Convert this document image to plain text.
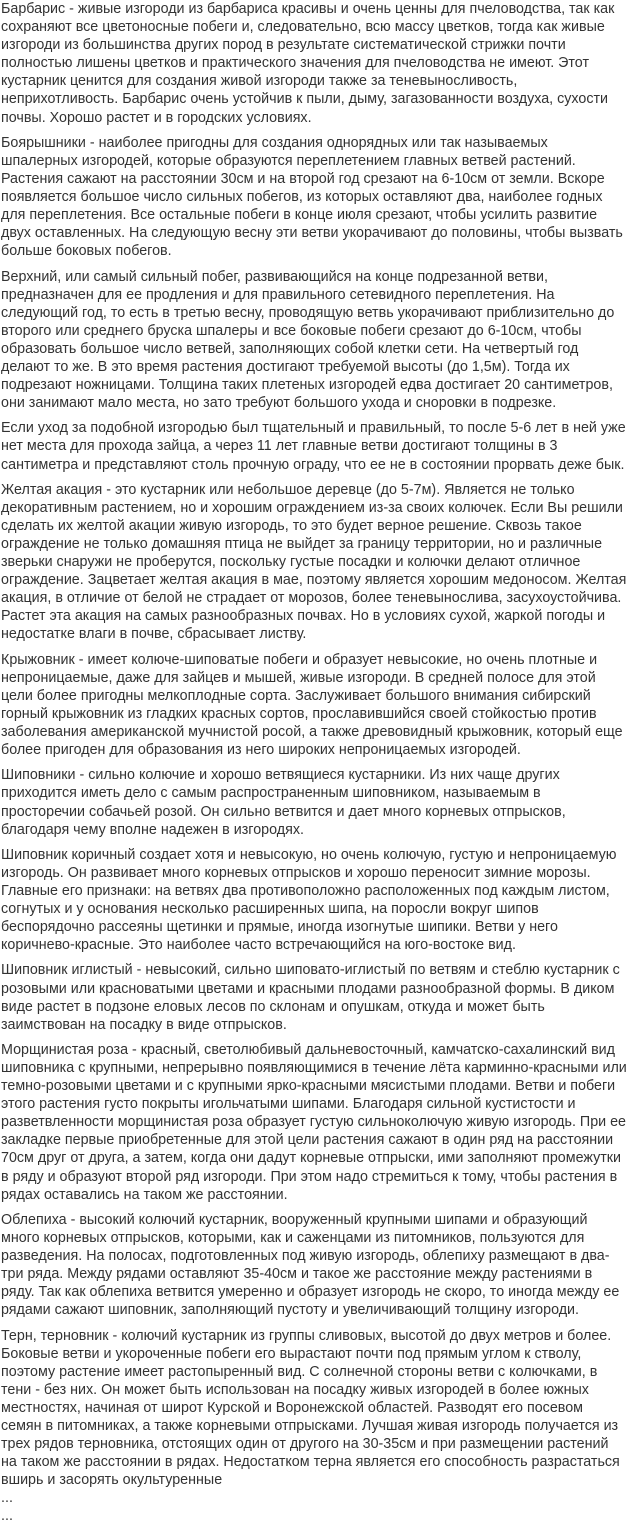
Барбарис - живые изгороди из барбариса красивы и очень ценны для пчеловодства, так как сохраняют все цветоносные побеги и, следовательно, всю массу цветков, тогда как живые изгороди из большинства других пород в результате систематической стрижки почти полностью лишены цветков и практического значения для пчеловодства не имеют. Этот кустарник ценится для создания живой изгороди также за теневыносливость, неприхотливость. Барбарис очень устойчив к пыли, дыму, загазованности воздуха, сухости почвы. Хорошо растет и в городских условиях.

Боярышники - наиболее пригодны для создания однорядных или так называемых шпалерных изгородей, которые образуются переплетением главных ветвей растений. Растения сажают на расстоянии 30см и на второй год срезают на 6-10см от земли. Вскоре появляется большое число сильных побегов, из которых оставляют два, наиболее годных для переплетения. Все остальные побеги в конце июля срезают, чтобы усилить развитие двух оставленных. На следующую весну эти ветви укорачивают до половины, чтобы вызвать больше боковых побегов.

Верхний, или самый сильный побег, развивающийся на конце подрезанной ветви, предназначен для ее продления и для правильного сетевидного переплетения. На следующий год, то есть в третью весну, проводящую ветвь укорачивают приблизительно до второго или среднего бруска шпалеры и все боковые побеги срезают до 6-10см, чтобы образовать большое число ветвей, заполняющих собой клетки сети. На четвертый год делают то же. В это время растения достигают требуемой высоты (до 1,5м). Тогда их подрезают ножницами. Толщина таких плетеных изгородей едва достигает 20 сантиметров, они занимают мало места, но зато требуют большого ухода и сноровки в подрезке.

Если уход за подобной изгородью был тщательный и правильный, то после 5-6 лет в ней уже нет места для прохода зайца, а через 11 лет главные ветви достигают толщины в 3 сантиметра и представляют столь прочную ограду, что ее не в состоянии прорвать деже бык.

Желтая акация - это кустарник или небольшое деревце (до 5-7м). Является не только декоративным растением, но и хорошим ограждением из-за своих колючек. Если Вы решили сделать их желтой акации живую изгородь, то это будет верное решение. Сквозь такое ограждение не только домашняя птица не выйдет за границу территории, но и различные зверьки снаружи не проберутся, поскольку густые посадки и колючки делают отличное ограждение. Зацветает желтая акация в мае, поэтому является хорошим медоносом. Желтая акация, в отличие от белой не страдает от морозов, более теневынослива, засухоустойчива. Растет эта акация на самых разнообразных почвах. Но в условиях сухой, жаркой погоды и недостатке влаги в почве, сбрасывает листву.

Крыжовник - имеет колюче-шиповатые побеги и образует невысокие, но очень плотные и непроницаемые, даже для зайцев и мышей, живые изгороди. В средней полосе для этой цели более пригодны мелкоплодные сорта. Заслуживает большого внимания сибирский горный крыжовник из гладких красных сортов, прославившийся своей стойкостью против заболевания американской мучнистой росой, а также древовидный крыжовник, который еще более пригоден для образования из него широких непроницаемых изгородей.

Шиповники - сильно колючие и хорошо ветвящиеся кустарники. Из них чаще других приходится иметь дело с самым распространенным шиповником, называемым в просторечии собачьей розой. Он сильно ветвится и дает много корневых отпрысков, благодаря чему вполне надежен в изгородях.

Шиповник коричный создает хотя и невысокую, но очень колючую, густую и непроницаемую изгородь. Он развивает много корневых отпрысков и хорошо переносит зимние морозы. Главные его признаки: на ветвях два противоположно расположенных под каждым листом, согнутых и у основания несколько расширенных шипа, на поросли вокруг шипов беспорядочно рассеяны щетинки и прямые, иногда изогнутые шипики. Ветви у него коричнево-красные. Это наиболее часто встречающийся на юго-востоке вид.

Шиповник иглистый - невысокий, сильно шиповато-иглистый по ветвям и стеблю кустарник с розовыми или красноватыми цветами и красными плодами разнообразной формы. В диком виде растет в подзоне еловых лесов по склонам и опушкам, откуда и может быть заимствован на посадку в виде отпрысков.

Морщинистая роза - красный, светолюбивый дальневосточный, камчатско-сахалинский вид шиповника с крупными, непрерывно появляющимися в течение лёта карминно-красными или темно-розовыми цветами и с крупными ярко-красными мясистыми плодами. Ветви и побеги этого растения густо покрыты игольчатыми шипами. Благодаря сильной кустистости и разветвленности морщинистая роза образует густую сильноколючую живую изгородь. При ее закладке первые приобретенные для этой цели растения сажают в один ряд на расстоянии 70см друг от друга, а затем, когда они дадут корневые отпрыски, ими заполняют промежутки в ряду и образуют второй ряд изгороди. При этом надо стремиться к тому, чтобы растения в рядах оставались на таком же расстоянии.

Облепиха - высокий колючий кустарник, вооруженный крупными шипами и образующий много корневых отпрысков, которыми, как и саженцами из питомников, пользуются для разведения. На полосах, подготовленных под живую изгородь, облепиху размещают в два-три ряда. Между рядами оставляют 35-40см и такое же расстояние между растениями в ряду. Так как облепиха ветвится умеренно и образует изгородь не скоро, то иногда между ее рядами сажают шиповник, заполняющий пустоту и увеличивающий толщину изгороди.

Терн, терновник - колючий кустарник из группы сливовых, высотой до двух метров и более. Боковые ветви и укороченные побеги его вырастают почти под прямым углом к стволу, поэтому растение имеет растопыренный вид. С солнечной стороны ветви с колючками, в тени - без них. Он может быть использован на посадку живых изгородей в более южных местностях, начиная от широт Курской и Воронежской областей. Разводят его посевом семян в питомниках, а также корневыми отпрысками. Лучшая живая изгородь получается из трех рядов терновника, отстоящих один от другого на 30-35см и при размещении растений на таком же расстоянии в рядах. Недостатком терна является его способность разрастаться вширь и засорять окультуренные

...
...
